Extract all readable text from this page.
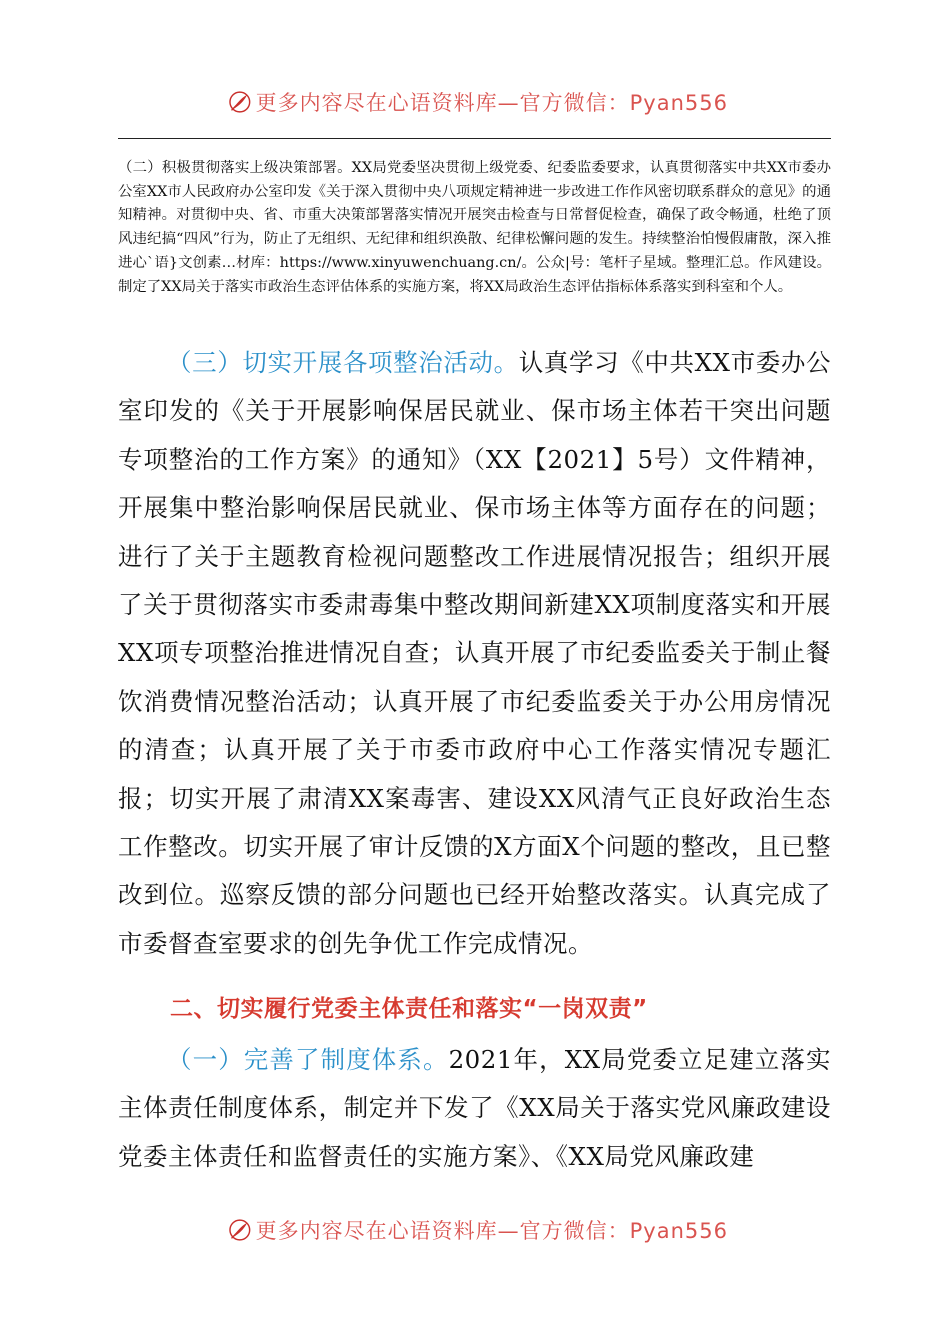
更多内容尽在心语资料库—官方微信：Pyan556

（二）积极贯彻落实上级决策部署。XX局党委坚决贯彻上级党委、纪委监委要求，认真贯彻落实中共XX市委办公室XX市人民政府办公室印发《关于深入贯彻中央八项规定精神进一步改进工作作风密切联系群众的意见》的通知精神。对贯彻中央、省、市重大决策部署落实情况开展突击检查与日常督促检查，确保了政令畅通，杜绝了顶风违纪搞“四风”行为，防止了无组织、无纪律和组织涣散、纪律松懈问题的发生。持续整治怕慢假庸散，深入推进心`语}文创素…材库：https://www.xinyuwenchuang.cn/。公众|号：笔杆子星域。整理汇总。作风建设。制定了XX局关于落实市政治生态评估体系的实施方案，将XX局政治生态评估指标体系落实到科室和个人。

（三）切实开展各项整治活动。认真学习《中共XX市委办公室印发的《关于开展影响保居民就业、保市场主体若干突出问题专项整治的工作方案》的通知》（XX【2021】5号）文件精神，开展集中整治影响保居民就业、保市场主体等方面存在的问题；进行了关于主题教育检视问题整改工作进展情况报告；组织开展了关于贯彻落实市委肃毒集中整改期间新建XX项制度落实和开展XX项专项整治推进情况自查；认真开展了市纪委监委关于制止餐饮消费情况整治活动；认真开展了市纪委监委关于办公用房情况的清查；认真开展了关于市委市政府中心工作落实情况专题汇报；切实开展了肃清XX案毒害、建设XX风清气正良好政治生态工作整改。切实开展了审计反馈的X方面X个问题的整改，且已整改到位。巡察反馈的部分问题也已经开始整改落实。认真完成了市委督查室要求的创先争优工作完成情况。

二、切实履行党委主体责任和落实“一岗双责”

（一）完善了制度体系。2021年，XX局党委立足建立落实主体责任制度体系，制定并下发了《XX局关于落实党风廉政建设党委主体责任和监督责任的实施方案》、《XX局党风廉政建

更多内容尽在心语资料库—官方微信：Pyan556
